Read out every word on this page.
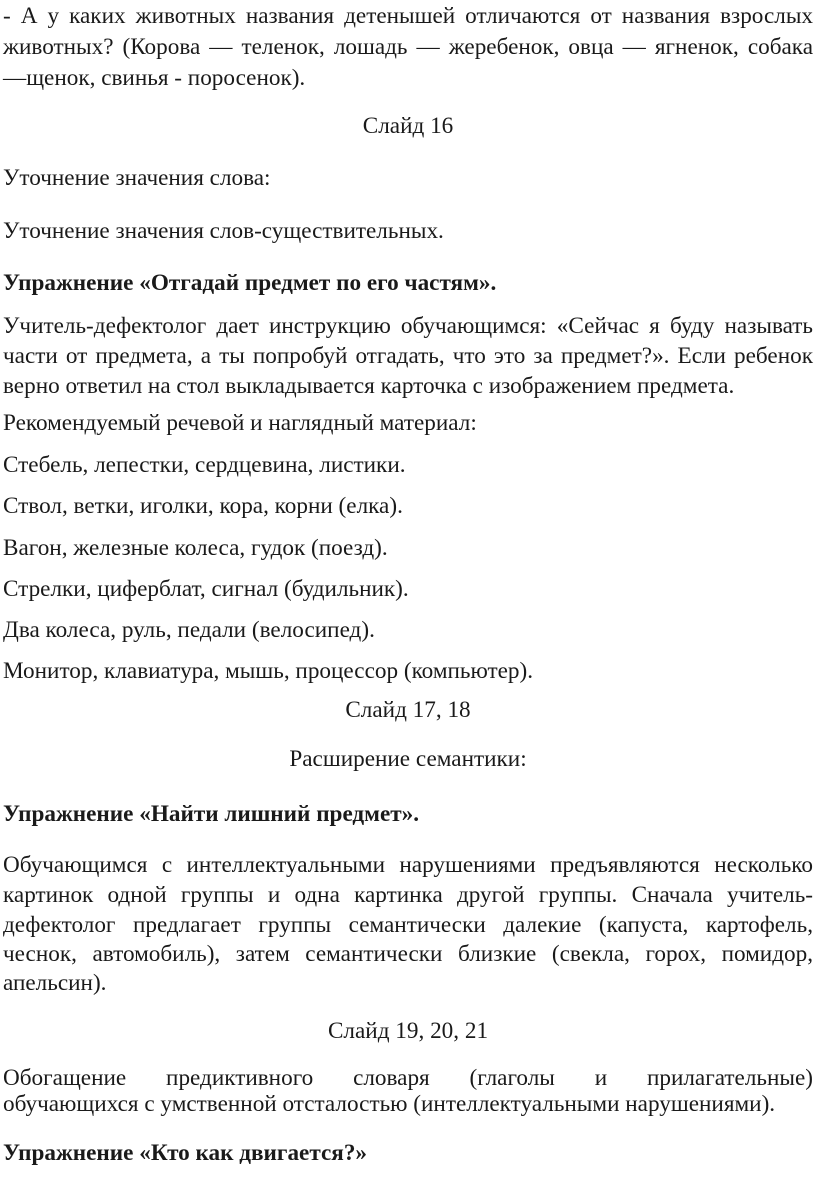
- А у каких животных названия детенышей отличаются от названия взрослых
животных? (Корова — теленок, лошадь — жеребенок, овца — ягненок, собака
—щенок, свинья - поросенок).
Слайд 16
Уточнение значения слова:
Уточнение значения слов-существительных.
Упражнение «Отгадай предмет по его частям».
Учитель-дефектолог дает инструкцию обучающимся: «Сейчас я буду называть
части от предмета, а ты попробуй отгадать, что это за предмет?». Если ребенок
верно ответил на стол выкладывается карточка с изображением предмета.
Рекомендуемый речевой и наглядный материал:
Стебель, лепестки, сердцевина, листики.
Ствол, ветки, иголки, кора, корни (елка).
Вагон, железные колеса, гудок (поезд).
Стрелки, циферблат, сигнал (будильник).
Два колеса, руль, педали (велосипед).
Монитор, клавиатура, мышь, процессор (компьютер).
Слайд 17, 18
Расширение семантики:
Упражнение «Найти лишний предмет».
Обучающимся с интеллектуальными нарушениями предъявляются несколько
картинок одной группы и одна картинка другой группы. Сначала учитель-
дефектолог предлагает группы семантически далекие (капуста, картофель,
чеснок, автомобиль), затем семантически близкие (свекла, горох, помидор,
апельсин).
Слайд 19, 20, 21
Обогащение предиктивного словаря (глаголы и прилагательные)
обучающихся с умственной отсталостью (интеллектуальными нарушениями).
Упражнение «Кто как двигается?»
